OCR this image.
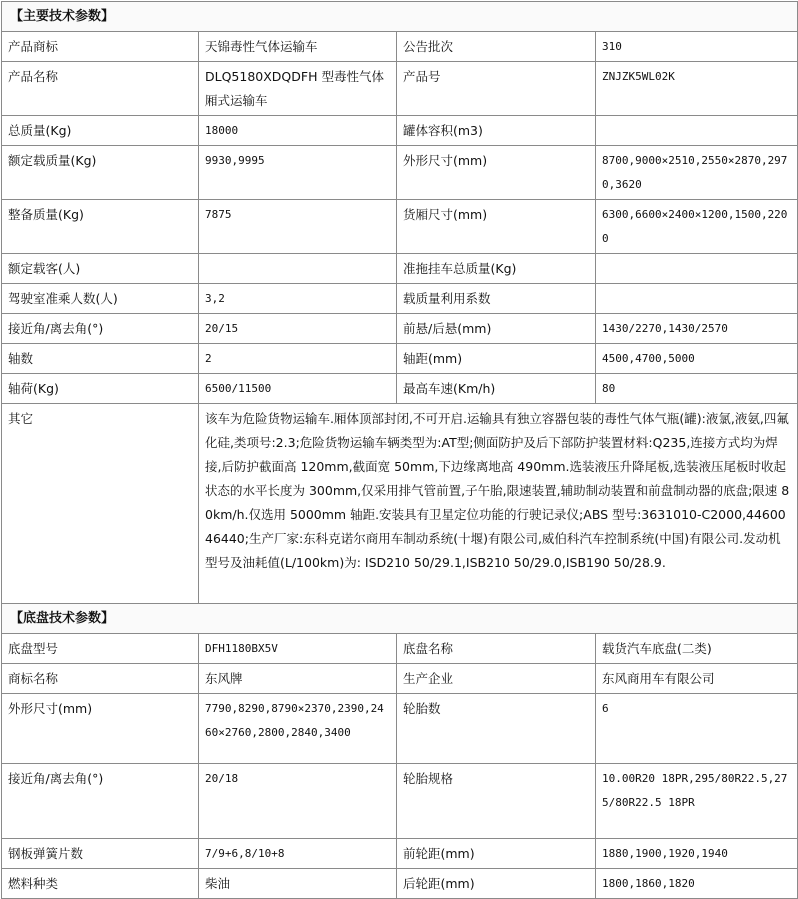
【主要技术参数】			
产品商标	天锦毒性气体运输车	公告批次	310
产品名称	DLQ5180XDQDFH 型毒性气体厢式运输车	产品号	ZNJZK5WL02K
总质量(Kg)	18000	罐体容积(m3)	
额定载质量(Kg)	9930,9995	外形尺寸(mm)	8700,9000×2510,2550×2870,2970,3620
整备质量(Kg)	7875	货厢尺寸(mm)	6300,6600×2400×1200,1500,2200
额定载客(人)		准拖挂车总质量(Kg)	
驾驶室准乘人数(人)	3,2	载质量利用系数	
接近角/离去角(°)	20/15	前悬/后悬(mm)	1430/2270,1430/2570
轴数	2	轴距(mm)	4500,4700,5000
轴荷(Kg)	6500/11500	最高车速(Km/h)	80
其它	该车为危险货物运输车.厢体顶部封闭,不可开启.运输具有独立容器包装的毒性气体气瓶(罐):液氯,液氨,四氟化硅,类项号:2.3;危险货物运输车辆类型为:AT型;侧面防护及后下部防护装置材料:Q235,连接方式均为焊接,后防护截面高 120mm,截面宽 50mm,下边缘离地高 490mm.选装液压升降尾板,选装液压尾板时收起状态的水平长度为 300mm,仅采用排气管前置,子午胎,限速装置,辅助制动装置和前盘制动器的底盘;限速 80km/h.仅选用 5000mm 轴距.安装具有卫星定位功能的行驶记录仪;ABS 型号:3631010-C2000,4460046440;生产厂家:东科克诺尔商用车制动系统(十堰)有限公司,威伯科汽车控制系统(中国)有限公司.发动机型号及油耗值(L/100km)为: ISD210 50/29.1,ISB210 50/29.0,ISB190 50/28.9.		
【底盘技术参数】			
底盘型号	DFH1180BX5V	底盘名称	载货汽车底盘(二类)
商标名称	东风牌	生产企业	东风商用车有限公司
外形尺寸(mm)	7790,8290,8790×2370,2390,2460×2760,2800,2840,3400	轮胎数	6
接近角/离去角(°)	20/18	轮胎规格	10.00R20 18PR,295/80R22.5,275/80R22.5 18PR
钢板弹簧片数	7/9+6,8/10+8	前轮距(mm)	1880,1900,1920,1940
燃料种类	柴油	后轮距(mm)	1800,1860,1820
